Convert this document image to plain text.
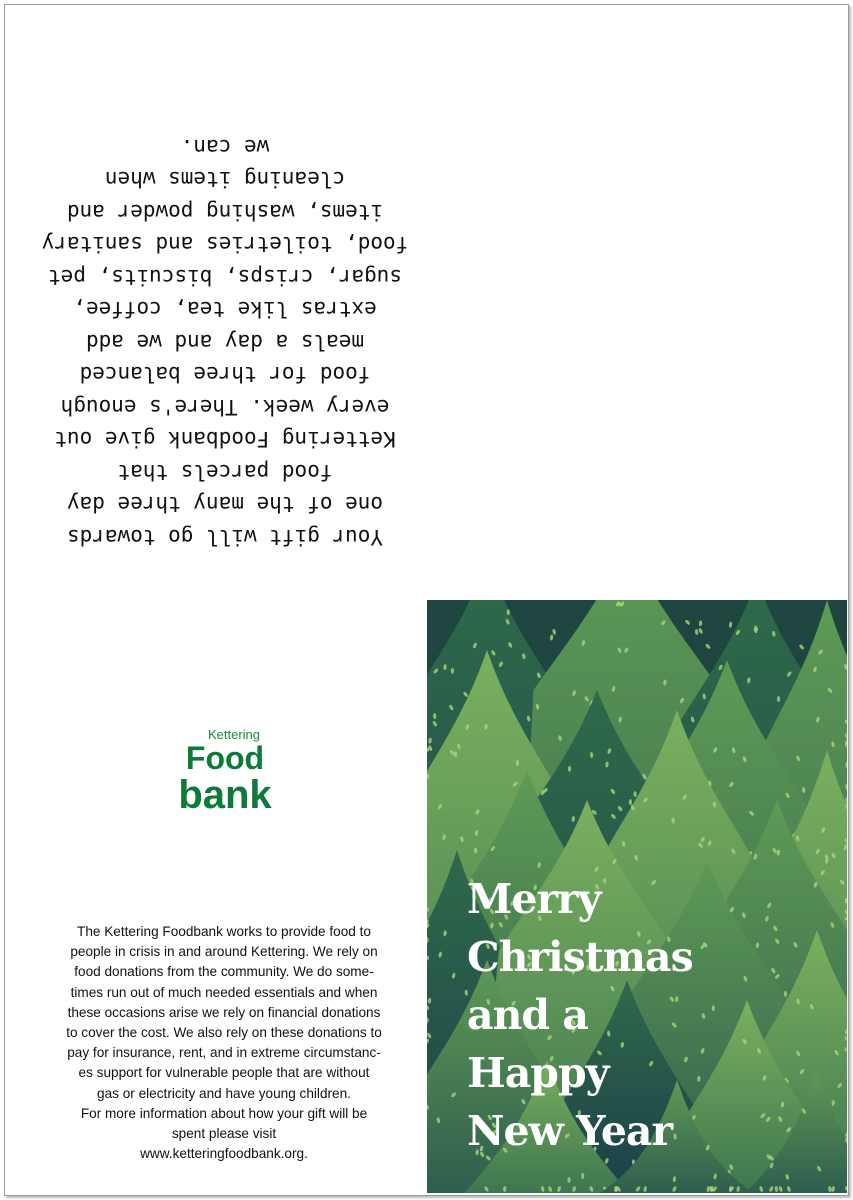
Your gift will go towards
one of the many three day
food parcels that
Kettering Foodbank give out
every week. There's enough
food for three balanced
meals a day and we add
extras like tea, coffee,
sugar, crisps, biscuits, pet
food, toiletries and sanitary
items, washing powder and
cleaning items when
we can.
Kettering
Food
bank
The Kettering Foodbank works to provide food to
people in crisis in and around Kettering. We rely on
food donations from the community. We do some-
times run out of much needed essentials and when
these occasions arise we rely on financial donations
to cover the cost. We also rely on these donations to
pay for insurance, rent, and in extreme circumstanc-
es support for vulnerable people that are without
gas or electricity and have young children.
For more information about how your gift will be
spent please visit
www.ketteringfoodbank.org.
Merry
Christmas
and a
Happy
New Year
